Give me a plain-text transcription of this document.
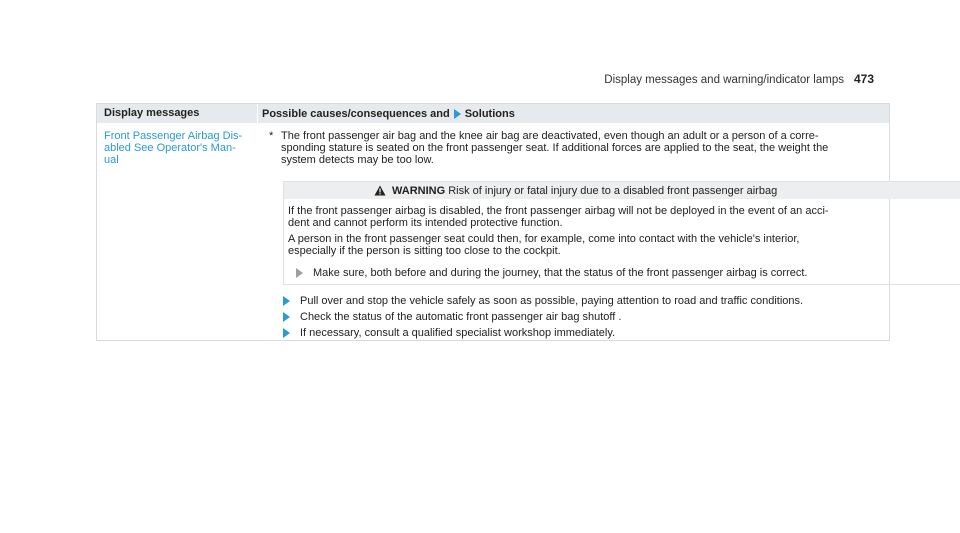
Display messages and warning/indicator lamps 473
Display messages	Possible causes/consequences and Solutions
Front Passenger Airbag Dis-
abled See Operator's Man-
ual
* The front passenger air bag and the knee air bag are deactivated, even though an adult or a person of a corre-
sponding stature is seated on the front passenger seat. If additional forces are applied to the seat, the weight the
system detects may be too low.
WARNING Risk of injury or fatal injury due to a disabled front passenger airbag
If the front passenger airbag is disabled, the front passenger airbag will not be deployed in the event of an acci-
dent and cannot perform its intended protective function.
A person in the front passenger seat could then, for example, come into contact with the vehicle's interior,
especially if the person is sitting too close to the cockpit.
Make sure, both before and during the journey, that the status of the front passenger airbag is correct.
Pull over and stop the vehicle safely as soon as possible, paying attention to road and traffic conditions.
Check the status of the automatic front passenger air bag shutoff .
If necessary, consult a qualified specialist workshop immediately.
